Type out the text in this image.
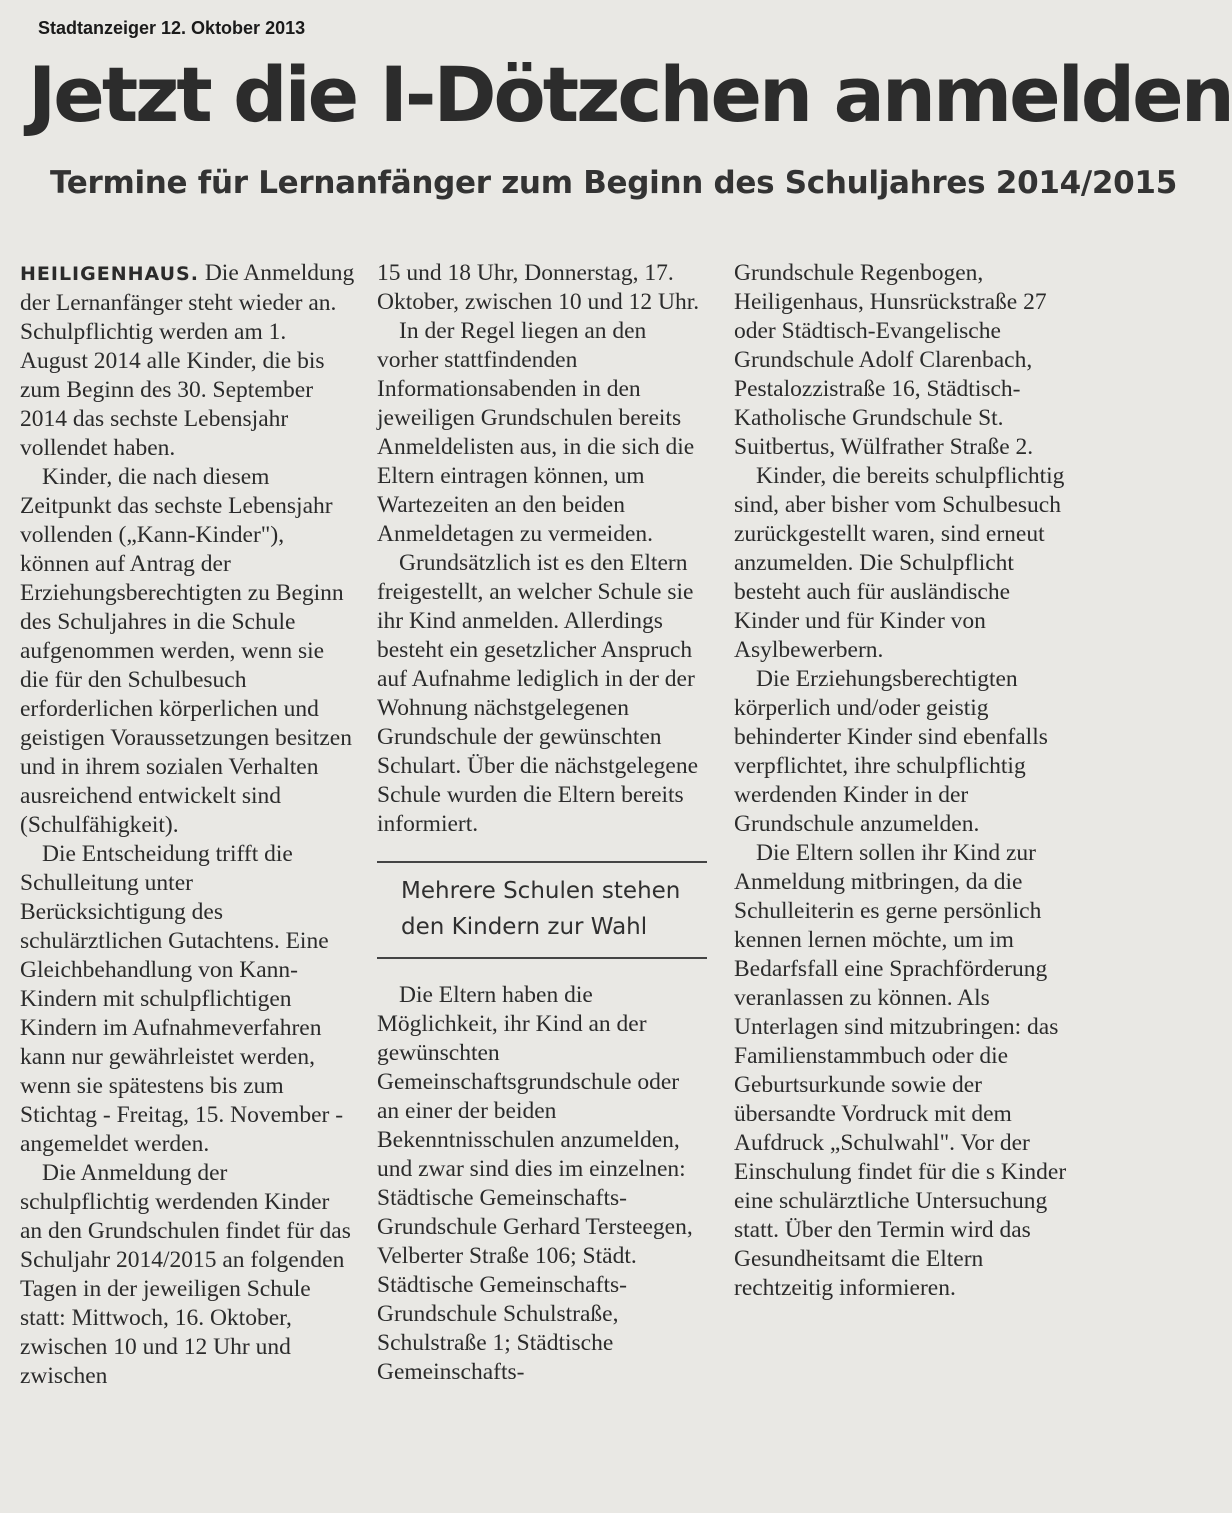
Stadtanzeiger 12. Oktober 2013
Jetzt die I-Dötzchen anmelden
Termine für Lernanfänger zum Beginn des Schuljahres 2014/2015

HEILIGENHAUS. Die Anmeldung der Lernanfänger steht wieder an. Schulpflichtig werden am 1. August 2014 alle Kinder, die bis zum Beginn des 30. September 2014 das sechste Lebensjahr vollendet haben.

Kinder, die nach diesem Zeitpunkt das sechste Lebensjahr vollenden („Kann-Kinder"), können auf Antrag der Erziehungsberechtigten zu Beginn des Schuljahres in die Schule aufgenommen werden, wenn sie die für den Schulbesuch erforderlichen körperlichen und geistigen Voraussetzungen besitzen und in ihrem sozialen Verhalten ausreichend entwickelt sind (Schulfähigkeit).

Die Entscheidung trifft die Schulleitung unter Berücksichtigung des schulärztlichen Gutachtens. Eine Gleichbehandlung von Kann-Kindern mit schulpflichtigen Kindern im Aufnahmeverfahren kann nur gewährleistet werden, wenn sie spätestens bis zum Stichtag - Freitag, 15. November - angemeldet werden.

Die Anmeldung der schulpflichtig werdenden Kinder an den Grundschulen findet für das Schuljahr 2014/2015 an folgenden Tagen in der jeweiligen Schule statt: Mittwoch, 16. Oktober, zwischen 10 und 12 Uhr und zwischen

15 und 18 Uhr, Donnerstag, 17. Oktober, zwischen 10 und 12 Uhr.

In der Regel liegen an den vorher stattfindenden Informationsabenden in den jeweiligen Grundschulen bereits Anmeldelisten aus, in die sich die Eltern eintragen können, um Wartezeiten an den beiden Anmeldetagen zu vermeiden.

Grundsätzlich ist es den Eltern freigestellt, an welcher Schule sie ihr Kind anmelden. Allerdings besteht ein gesetzlicher Anspruch auf Aufnahme lediglich in der der Wohnung nächstgelegenen Grundschule der gewünschten Schulart. Über die nächstgelegene Schule wurden die Eltern bereits informiert.

Mehrere Schulen stehen den Kindern zur Wahl

Die Eltern haben die Möglichkeit, ihr Kind an der gewünschten Gemeinschaftsgrundschule oder an einer der beiden Bekenntnisschulen anzumelden, und zwar sind dies im einzelnen: Städtische Gemeinschafts-Grundschule Gerhard Tersteegen, Velberter Straße 106; Städt. Städtische Gemeinschafts-Grundschule Schulstraße, Schulstraße 1; Städtische Gemeinschafts-

Grundschule Regenbogen, Heiligenhaus, Hunsrückstraße 27 oder Städtisch-Evangelische Grundschule Adolf Clarenbach, Pestalozzistraße 16, Städtisch-Katholische Grundschule St. Suitbertus, Wülfrather Straße 2.

Kinder, die bereits schulpflichtig sind, aber bisher vom Schulbesuch zurückgestellt waren, sind erneut anzumelden. Die Schulpflicht besteht auch für ausländische Kinder und für Kinder von Asylbewerbern.

Die Erziehungsberechtigten körperlich und/oder geistig behinderter Kinder sind ebenfalls verpflichtet, ihre schulpflichtig werdenden Kinder in der Grundschule anzumelden.

Die Eltern sollen ihr Kind zur Anmeldung mitbringen, da die Schulleiterin es gerne persönlich kennen lernen möchte, um im Bedarfsfall eine Sprachförderung veranlassen zu können. Als Unterlagen sind mitzubringen: das Familienstammbuch oder die Geburtsurkunde sowie der übersandte Vordruck mit dem Aufdruck „Schulwahl". Vor der Einschulung findet für die s Kinder eine schulärztliche Untersuchung statt. Über den Termin wird das Gesundheitsamt die Eltern rechtzeitig informieren.
